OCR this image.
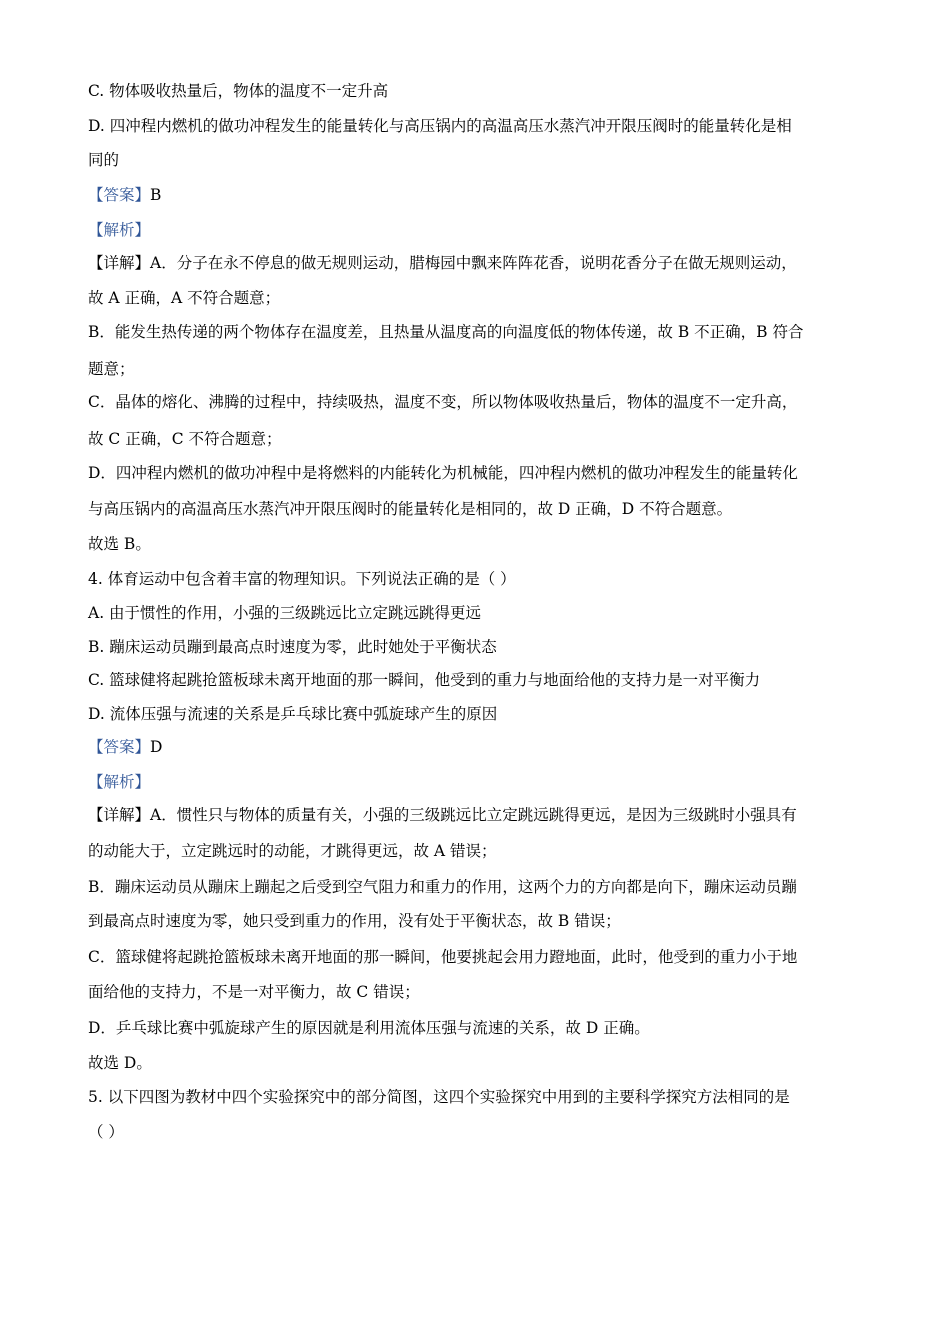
C. 物体吸收热量后，物体的温度不一定升高
D. 四冲程内燃机的做功冲程发生的能量转化与高压锅内的高温高压水蒸汽冲开限压阀时的能量转化是相
同的
【答案】B
【解析】
【详解】A．分子在永不停息的做无规则运动，腊梅园中飘来阵阵花香，说明花香分子在做无规则运动，
故 A 正确，A 不符合题意；
B．能发生热传递的两个物体存在温度差，且热量从温度高的向温度低的物体传递，故 B 不正确，B 符合
题意；
C．晶体的熔化、沸腾的过程中，持续吸热，温度不变，所以物体吸收热量后，物体的温度不一定升高，
故 C 正确，C 不符合题意；
D．四冲程内燃机的做功冲程中是将燃料的内能转化为机械能，四冲程内燃机的做功冲程发生的能量转化
与高压锅内的高温高压水蒸汽冲开限压阀时的能量转化是相同的，故 D 正确，D 不符合题意。
故选 B。
4. 体育运动中包含着丰富的物理知识。下列说法正确的是（ ）
A. 由于惯性的作用，小强的三级跳远比立定跳远跳得更远
B. 蹦床运动员蹦到最高点时速度为零，此时她处于平衡状态
C. 篮球健将起跳抢篮板球未离开地面的那一瞬间，他受到的重力与地面给他的支持力是一对平衡力
D. 流体压强与流速的关系是乒乓球比赛中弧旋球产生的原因
【答案】D
【解析】
【详解】A．惯性只与物体的质量有关，小强的三级跳远比立定跳远跳得更远，是因为三级跳时小强具有
的动能大于，立定跳远时的动能，才跳得更远，故 A 错误；
B．蹦床运动员从蹦床上蹦起之后受到空气阻力和重力的作用，这两个力的方向都是向下，蹦床运动员蹦
到最高点时速度为零，她只受到重力的作用，没有处于平衡状态，故 B 错误；
C．篮球健将起跳抢篮板球未离开地面的那一瞬间，他要挑起会用力蹬地面，此时，他受到的重力小于地
面给他的支持力，不是一对平衡力，故 C 错误；
D．乒乓球比赛中弧旋球产生的原因就是利用流体压强与流速的关系，故 D 正确。
故选 D。
5. 以下四图为教材中四个实验探究中的部分简图，这四个实验探究中用到的主要科学探究方法相同的是
（ ）
